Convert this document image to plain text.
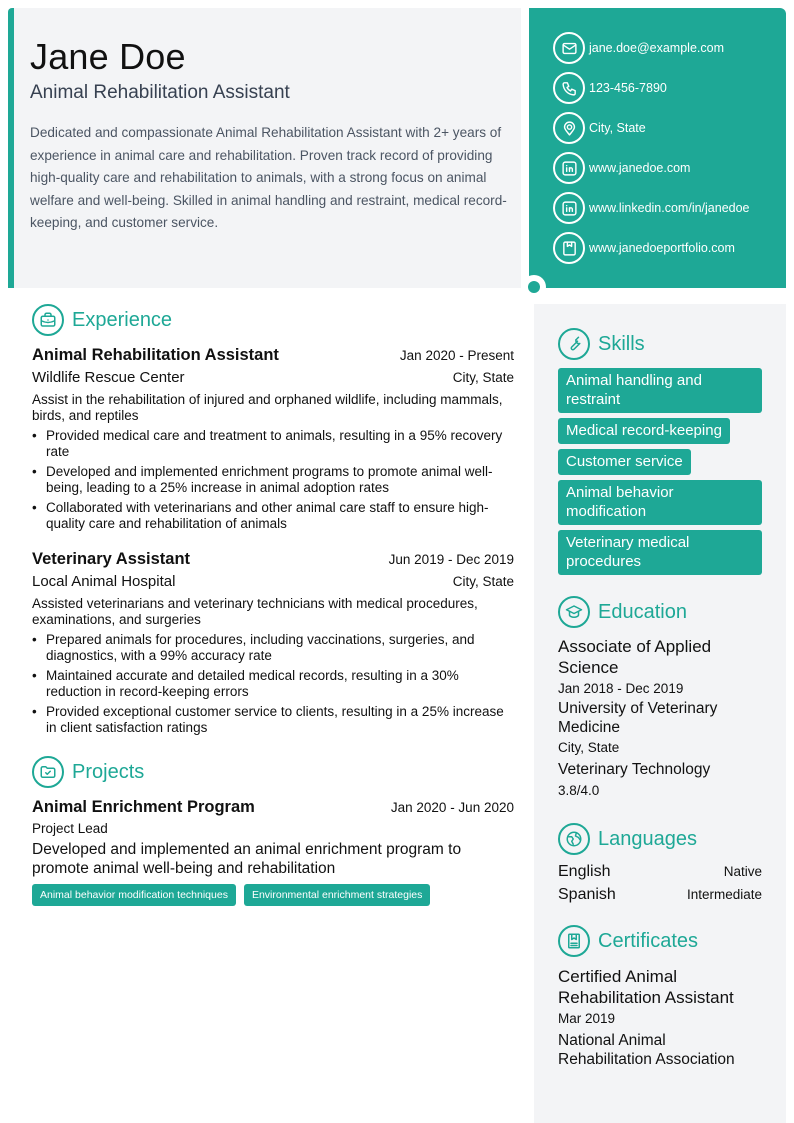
Jane Doe
Animal Rehabilitation Assistant

Dedicated and compassionate Animal Rehabilitation Assistant with 2+ years of experience in animal care and rehabilitation. Proven track record of providing high-quality care and rehabilitation to animals, with a strong focus on animal welfare and well-being. Skilled in animal handling and restraint, medical record-keeping, and customer service.

jane.doe@example.com
123-456-7890
City, State
www.janedoe.com
www.linkedin.com/in/janedoe
www.janedoeportfolio.com
Experience
Animal Rehabilitation Assistant	Jan 2020 - Present
Wildlife Rescue Center	City, State

Assist in the rehabilitation of injured and orphaned wildlife, including mammals, birds, and reptiles

• Provided medical care and treatment to animals, resulting in a 95% recovery rate
• Developed and implemented enrichment programs to promote animal well-being, leading to a 25% increase in animal adoption rates
• Collaborated with veterinarians and other animal care staff to ensure high-quality care and rehabilitation of animals
Veterinary Assistant	Jun 2019 - Dec 2019
Local Animal Hospital	City, State

Assisted veterinarians and veterinary technicians with medical procedures, examinations, and surgeries

• Prepared animals for procedures, including vaccinations, surgeries, and diagnostics, with a 99% accuracy rate
• Maintained accurate and detailed medical records, resulting in a 30% reduction in record-keeping errors
• Provided exceptional customer service to clients, resulting in a 25% increase in client satisfaction ratings
Projects
Animal Enrichment Program	Jan 2020 - Jun 2020
Project Lead

Developed and implemented an animal enrichment program to promote animal well-being and rehabilitation

Animal behavior modification techniques	Environmental enrichment strategies
Skills
Animal handling and restraint Medical record-keeping Customer service Animal behavior modification Veterinary medical procedures
Education
Associate of Applied Science
Jan 2018 - Dec 2019
University of Veterinary Medicine
City, State
Veterinary Technology
3.8/4.0
Languages
English	Native
Spanish	Intermediate
Certificates
Certified Animal Rehabilitation Assistant
Mar 2019
National Animal Rehabilitation Association
